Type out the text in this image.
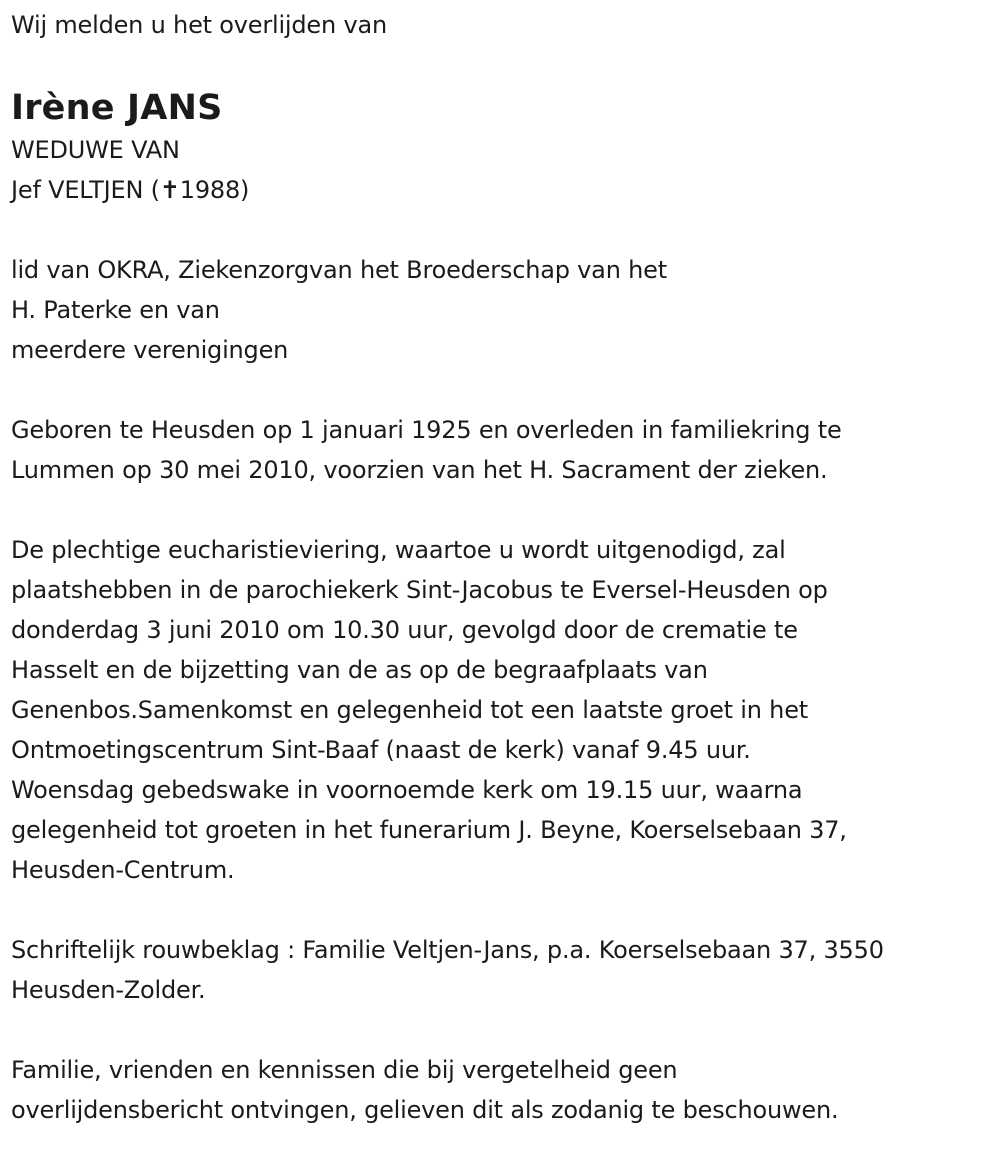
Wij melden u het overlijden van
Irène JANS
WEDUWE VAN
Jef VELTJEN (✝1988)
lid van OKRA, Ziekenzorgvan het Broederschap van het
H. Paterke en van
meerdere verenigingen
Geboren te Heusden op 1 januari 1925 en overleden in familiekring te
Lummen op 30 mei 2010, voorzien van het H. Sacrament der zieken.
De plechtige eucharistieviering, waartoe u wordt uitgenodigd, zal
plaatshebben in de parochiekerk Sint-Jacobus te Eversel-Heusden op
donderdag 3 juni 2010 om 10.30 uur, gevolgd door de crematie te
Hasselt en de bijzetting van de as op de begraafplaats van
Genenbos.Samenkomst en gelegenheid tot een laatste groet in het
Ontmoetingscentrum Sint-Baaf (naast de kerk) vanaf 9.45 uur.
Woensdag gebedswake in voornoemde kerk om 19.15 uur, waarna
gelegenheid tot groeten in het funerarium J. Beyne, Koerselsebaan 37,
Heusden-Centrum.
Schriftelijk rouwbeklag : Familie Veltjen-Jans, p.a. Koerselsebaan 37, 3550
Heusden-Zolder.
Familie, vrienden en kennissen die bij vergetelheid geen
overlijdensbericht ontvingen, gelieven dit als zodanig te beschouwen.
